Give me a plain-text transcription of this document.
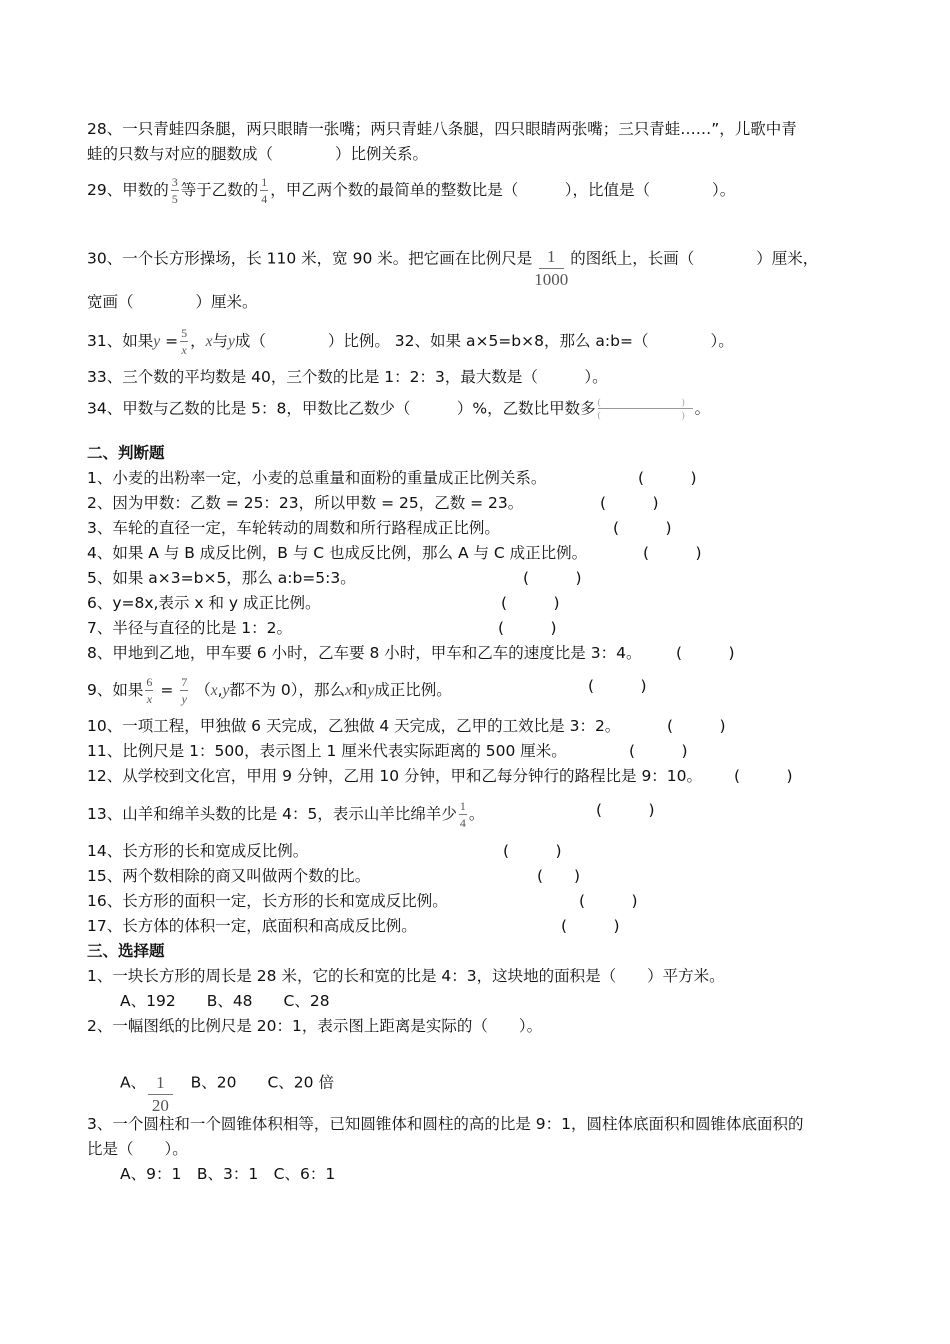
28、一只青蛙四条腿，两只眼睛一张嘴；两只青蛙八条腿，四只眼睛两张嘴；三只青蛙……”，儿歌中青
蛙的只数与对应的腿数成（　　　　）比例关系。
29、甲数的 $\frac{3}{5}$ 等于乙数的 $\frac{1}{4}$ ，甲乙两个数的最简单的整数比是（　　　），比值是（　　　　）。
30、一个长方形操场，长 110 米，宽 90 米。把它画在比例尺是 $\frac{1}{1000}$ 的图纸上，长画（　　　　）厘米，
宽画（　　　　）厘米。
31、如果$y = \frac{5}{x}$ ，x与y成（　　　　）比例。 32、如果 a×5=b×8，那么 a:b=（　　　　）。
33、三个数的平均数是 40，三个数的比是 1：2：3，最大数是（　　　）。
34、甲数与乙数的比是 5：8，甲数比乙数少（　　　）%，乙数比甲数多 $\frac{( )}{( )}$ 。
二、判断题
1、小麦的出粉率一定，小麦的总重量和面粉的重量成正比例关系。	(　　　)
2、因为甲数：乙数 = 25：23，所以甲数 = 25，乙数 = 23。	(　　　)
3、车轮的直径一定，车轮转动的周数和所行路程成正比例。	(　　　)
4、如果 A 与 B 成反比例，B 与 C 也成反比例，那么 A 与 C 成正比例。	(　　　)
5、如果 a×3=b×5，那么 a:b=5:3。	(　　　)
6、y=8x,表示 x 和 y 成正比例。	(　　　)
7、半径与直径的比是 1：2。	(　　　)
8、甲地到乙地，甲车要 6 小时，乙车要 8 小时，甲车和乙车的速度比是 3：4。 (　　　)
9、如果 $\frac{6}{x} = \frac{7}{y} (x,y$都不为 0），那么x和y成正比例。	(　　　)
10、一项工程，甲独做 6 天完成，乙独做 4 天完成，乙甲的工效比是 3：2。	(　　　)
11、比例尺是 1：500，表示图上 1 厘米代表实际距离的 500 厘米。	(　　　)
12、从学校到文化宫，甲用 9 分钟，乙用 10 分钟，甲和乙每分钟行的路程比是 9：10。 (　　　)
13、山羊和绵羊头数的比是 4：5，表示山羊比绵羊少 $\frac{1}{4}$ 。	(　　　)
14、长方形的长和宽成反比例。	(　　　)
15、两个数相除的商又叫做两个数的比。	(　　)
16、长方形的面积一定，长方形的长和宽成反比例。	(　　　)
17、长方体的体积一定，底面积和高成反比例。	(　　　)
三、选择题
1、一块长方形的周长是 28 米，它的长和宽的比是 4：3，这块地的面积是（　　）平方米。
A、192　　B、48　　C、28
2、一幅图纸的比例尺是 20：1，表示图上距离是实际的（　　）。
A、 $\frac{1}{20}$ B、20　　C、20 倍
3、一个圆柱和一个圆锥体积相等，已知圆锥体和圆柱的高的比是 9：1，圆柱体底面积和圆锥体底面积的
比是（　　）。
A、9：1　B、3：1　C、6：1
